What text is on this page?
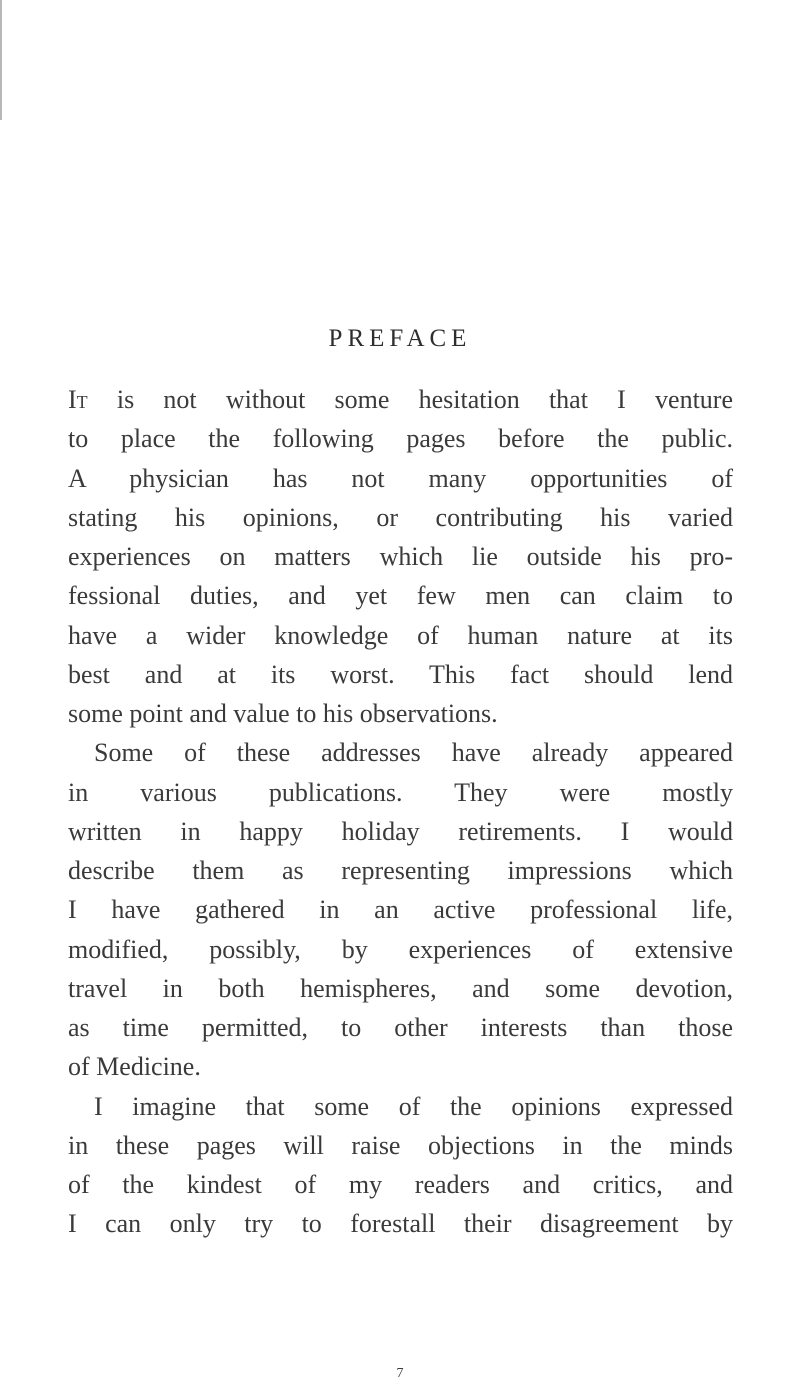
PREFACE
It is not without some hesitation that I venture
to place the following pages before the public.
A physician has not many opportunities of
stating his opinions, or contributing his varied
experiences on matters which lie outside his pro-
fessional duties, and yet few men can claim to
have a wider knowledge of human nature at its
best and at its worst. This fact should lend
some point and value to his observations.
Some of these addresses have already appeared
in various publications. They were mostly
written in happy holiday retirements. I would
describe them as representing impressions which
I have gathered in an active professional life,
modified, possibly, by experiences of extensive
travel in both hemispheres, and some devotion,
as time permitted, to other interests than those
of Medicine.
I imagine that some of the opinions expressed
in these pages will raise objections in the minds
of the kindest of my readers and critics, and
I can only try to forestall their disagreement by
7
